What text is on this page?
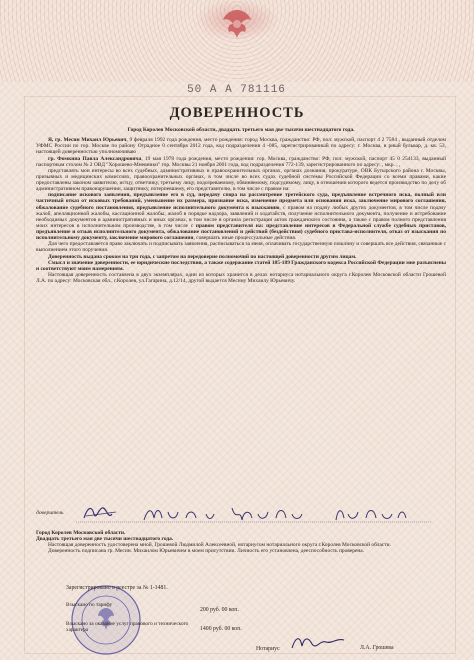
50 А А 781116
ДОВЕРЕННОСТЬ

Город Королев Московской области, двадцать третьего мая две тысячи шестнадцатого года.

Я, гр. Месин Михаил Юрьевич, 9 февраля 1992 года рождения, место рождения: город Москва, гражданство: РФ, пол: мужской, паспорт 4 2 7584 , выданный отделом УФМС России по гор. Москве по району Отрадное 0 сентября 2012 года, код подразделения 4 -085, зарегистрированный по адресу: г. Москва, в рный бульвар, д. кв. 53, настоящей доверенностью уполномочиваю

гр. Фомкина Павла Александровича, 19 мая 1978 года рождения, место рождения: гор. Москва, гражданство: РФ, пол: мужской, паспорт 45 0 254133, выданный паспортным столом № 2 ОВД "Хорошево-Мневники" гор. Москвы 21 ноября 2001 года, код подразделения 772-139, зарегистрированного по адресу: , мкр. , ,

представлять мои интересы во всех судебных, административных и правоохранительных органах, органах дознания, прокуратуре, ОВК Бутырского района г. Москвы, призывных и медицинских комиссиях, правоохранительных органах, в том числе во всех судах судебной системы Российской Федерации со всеми правами, какие предоставлены законом заявителю, истцу, ответчику, третьему лицу, подозреваемому, обвиняемому, подсудимому, лицу, в отношении которого ведется производство по делу об административном правонарушении, защитнику, потерпевшему, его представителю, в том числе с правом на:

подписание искового заявления, предъявление его в суд, передачу спора на рассмотрение третейского суда, предъявление встречного иска, полный или частичный отказ от исковых требований, уменьшение их размера, признание иска, изменение предмета или основания иска, заключение мирового соглашения, обжалование судебного постановления, предъявление исполнительного документа к взысканию, с правом на подачу любых других документов, в том числе подачу жалоб, апелляционной жалобы, кассационной жалобы, жалоб в порядке надзора, заявлений и ходатайств, получение исполнительного документа, получение и истребование необходимых документов в административных и иных органах, в том числе в органах регистрации актов гражданского состояния, а также с правом полного представления моих интересов в исполнительном производстве, в том числе с правом представителя на: представление интересов в Федеральной службе судебных приставов, предъявление и отзыв исполнительного документа, обжалование постановлений и действий (бездействия) судебного пристава-исполнителя, отказ от взыскания по исполнительному документу, заключение мирового соглашения, совершать иные процессуальные действия.

Для чего предоставляется право заключать и подписывать заявления, расписываться за меня, оплачивать государственную пошлину и совершать все действия, связанные с выполнением этого поручения.

Доверенность выдана сроком на три года, с запретом на передоверие полномочий по настоящей доверенности другим лицам.

Смысл и значение доверенности, ее юридические последствия, а также содержание статей 185-189 Гражданского кодекса Российской Федерации мне разъяснены и соответствуют моим намерениям.

Настоящая доверенность составлена в двух экземплярах, один из которых хранится в делах нотариуса нотариального округа г.Королев Московской области Грошевой Л.А. по адресу: Московская обл., г.Королев, ул.Гагарина, д.12/14, другой выдается Месину Михаилу Юрьевичу.

доверитель

Город Королев Московской области.

Двадцать третьего мая две тысячи шестнадцатого года.

Настоящая доверенность удостоверена мной, Грошевой Людмилой Алексеевной, нотариусом нотариального округа г.Королев Московской области.

Доверенность подписана гр. Месин. Михаилом Юрьевичем в моем присутствии. Личность его установлена, дееспособность проверена.

Зарегистрировано в реестре за № 1-1481.
Взыскано по тарифу
200 руб. 00 коп.
Взыскано за оказание услуг правового и технического характера	1400 руб. 00 коп.
Нотариус	Л.А. Грошева
